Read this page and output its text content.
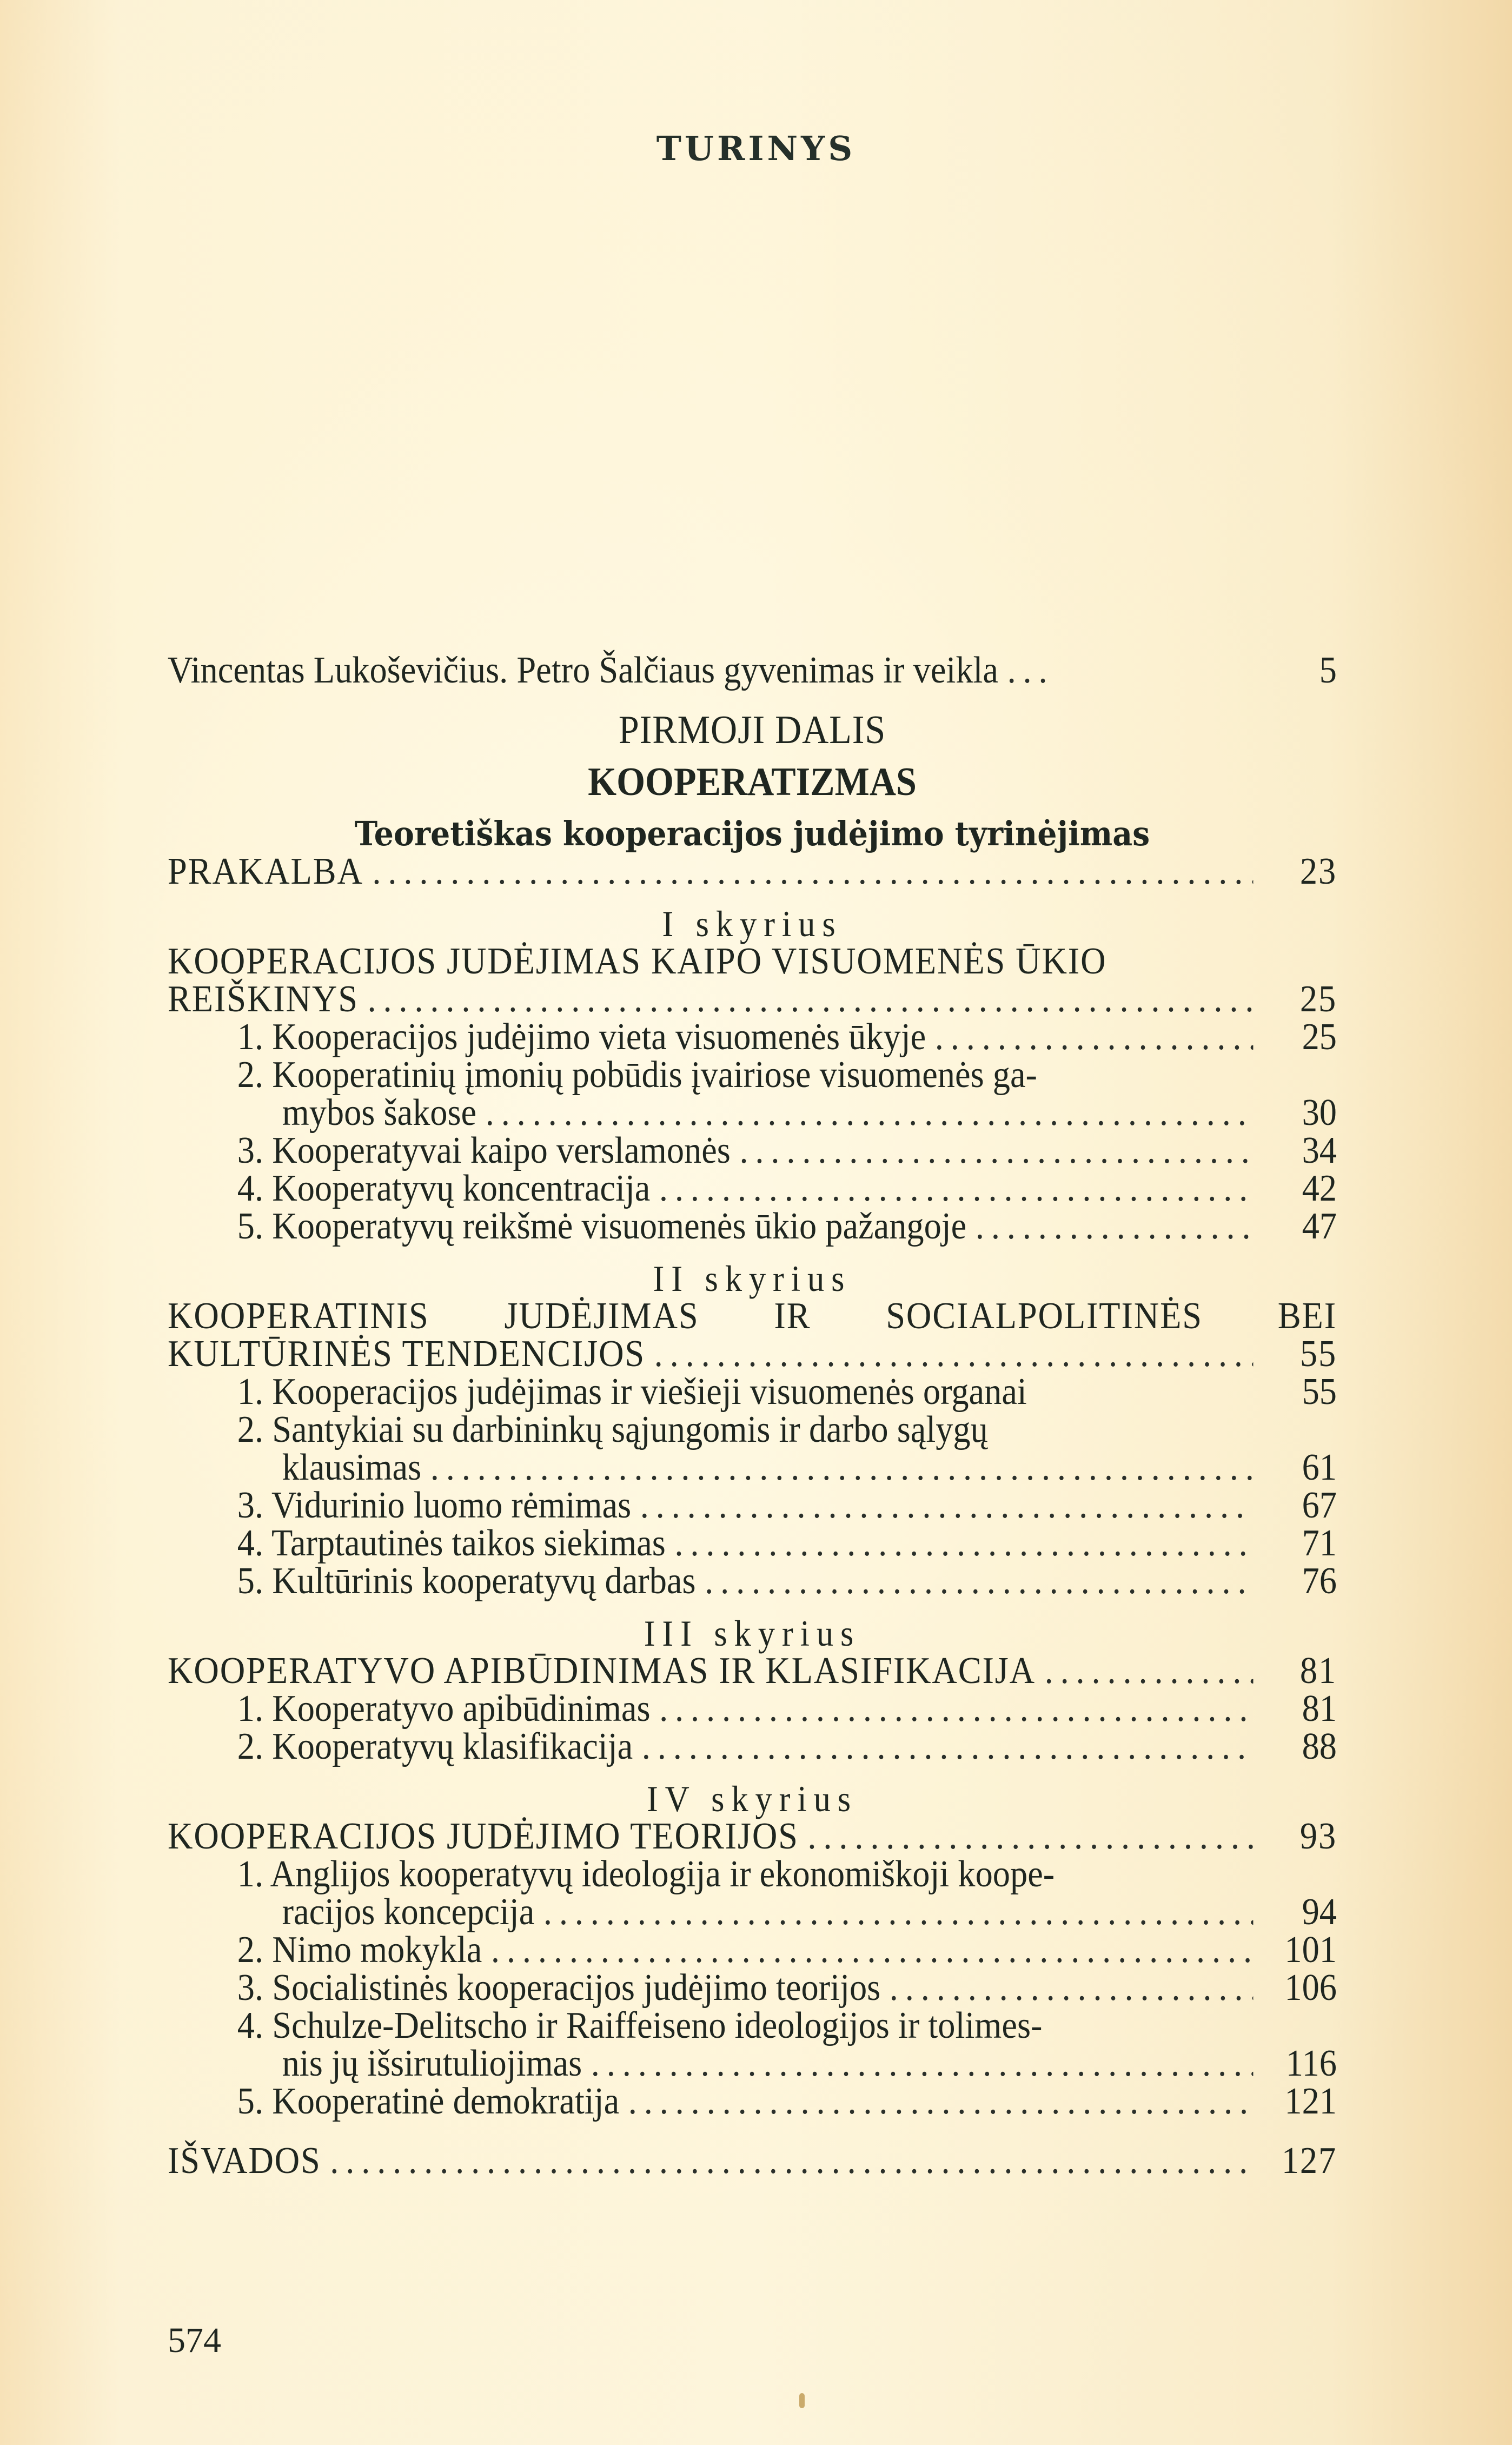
TURINYS
Vincentas Lukoševičius. Petro Šalčiaus gyvenimas ir veikla .....	5
PIRMOJI DALIS
KOOPERATIZMAS
Teoretiškas kooperacijos judėjimo tyrinėjimas
PRAKALBA .....	23
I skyrius
KOOPERACIJOS JUDĖJIMAS KAIPO VISUOMENĖS ŪKIO
REIŠKINYS .....	25
1. Kooperacijos judėjimo vieta visuomenės ūkyje .....	25
2. Kooperatinių įmonių pobūdis įvairiose visuomenės ga-
mybos šakose .....	30
3. Kooperatyvai kaipo verslamonės .....	34
4. Kooperatyvų koncentracija .....	42
5. Kooperatyvų reikšmė visuomenės ūkio pažangoje .....	47
II skyrius
KOOPERATINIS JUDĖJIMAS IR SOCIALPOLITINĖS BEI
KULTŪRINĖS TENDENCIJOS .....	55
1. Kooperacijos judėjimas ir viešieji visuomenės organai	55
2. Santykiai su darbininkų sąjungomis ir darbo sąlygų
klausimas .....	61
3. Vidurinio luomo rėmimas .....	67
4. Tarptautinės taikos siekimas .....	71
5. Kultūrinis kooperatyvų darbas .....	76
III skyrius
KOOPERATYVO APIBŪDINIMAS IR KLASIFIKACIJA .....	81
1. Kooperatyvo apibūdinimas .....	81
2. Kooperatyvų klasifikacija .....	88
IV skyrius
KOOPERACIJOS JUDĖJIMO TEORIJOS .....	93
1. Anglijos kooperatyvų ideologija ir ekonomiškoji koope-
racijos koncepcija .....	94
2. Nimo mokykla .....	101
3. Socialistinės kooperacijos judėjimo teorijos .....	106
4. Schulze-Delitscho ir Raiffeiseno ideologijos ir tolimes-
nis jų išsirutuliojimas .....	116
5. Kooperatinė demokratija .....	121
IŠVADOS .....	127
574
